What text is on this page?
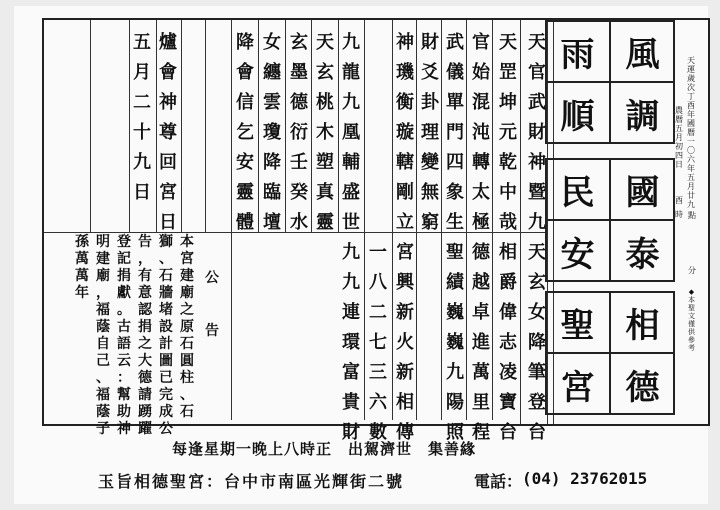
天
官
武
財
神
暨
九
天
玄
女
降
筆
登
台
天
罡
坤
元
乾
中
哉
相
爵
偉
志
凌
寶
台
官
始
混
沌
轉
太
極
武
儀
單
門
四
象
生
財
爻
卦
理
變
無
窮
神
璣
衡
璇
轄
剛
立
九
龍
九
凰
輔
盛
世
天
玄
桃
木
塑
真
靈
玄
墨
德
衍
壬
癸
水
女
纏
雲
瓊
降
臨
壇
降
會
信
乞
安
靈
體
爐
會
神
尊
回
宮
日
五
月
二
十
九
日
德
越
卓
進
萬
里
程
聖
績
巍
巍
九
陽
照
宮
興
新
火
新
相
傳
一
八
二
七
三
六
數
九
九
連
環
富
貴
財
公
告
本
宮
建
廟
之
原
石
圓
柱
、
石
獅
、
石
牆
堵
設
計
圖
已
完
成
公
告
，
有
意
認
捐
之
大
德
請
踴
躍
登
記
捐
獻
。
古
語
云
：
幫
助
神
明
建
廟
，
福
蔭
自
己
、
福
蔭
子
孫
萬
萬
年
天
運
歲
次
丁
酉
年
國
曆
一
〇
六
年
五
月
廿
九
農
曆
五
月
初
四
日
酉
時 點
分
◆
本
聖
文
僅
供
參
考
每逢星期一晚上八時正　出駕濟世　集善緣
玉旨相德聖宮：台中市南區光輝街二號	電話： (04) 23762015
風
調
雨
順
國
泰
民
安
相
德
聖
宮
